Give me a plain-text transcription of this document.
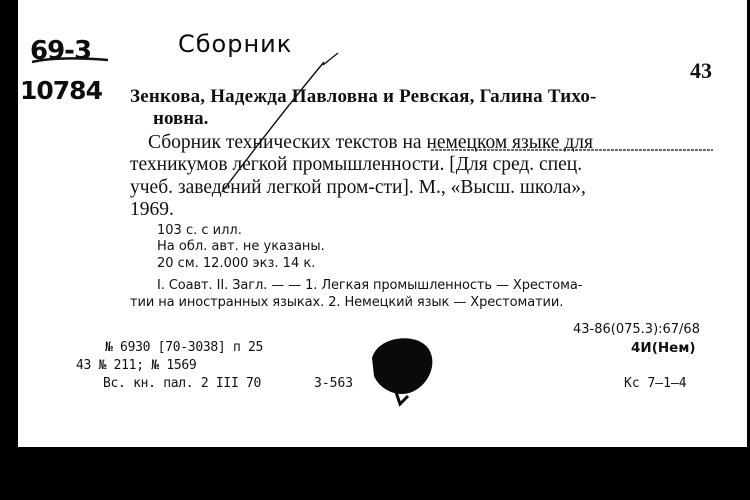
69-3
10784
Сборник
43
Зенкова, Надежда Павловна и Ревская, Галина Тихо-
новна.
Сборник технических текстов на немецком языке для
техникумов легкой промышленности. [Для сред. спец.
учеб. заведений легкой пром-сти]. М., «Высш. школа»,
1969.
103 с. с илл.
На обл. авт. не указаны.
20 см. 12.000 экз. 14 к.
I. Соавт. II. Загл. — — 1. Легкая промышленность — Хрестома-
тии на иностранных языках. 2. Немецкий язык — Хрестоматии.
43-86(075.3):67/68
4И(Нем)
№ 6930 [70-3038] п 25
43 № 211; № 1569
Вс. кн. пал. 2 III 70	З-563	Кс 7—1—4
